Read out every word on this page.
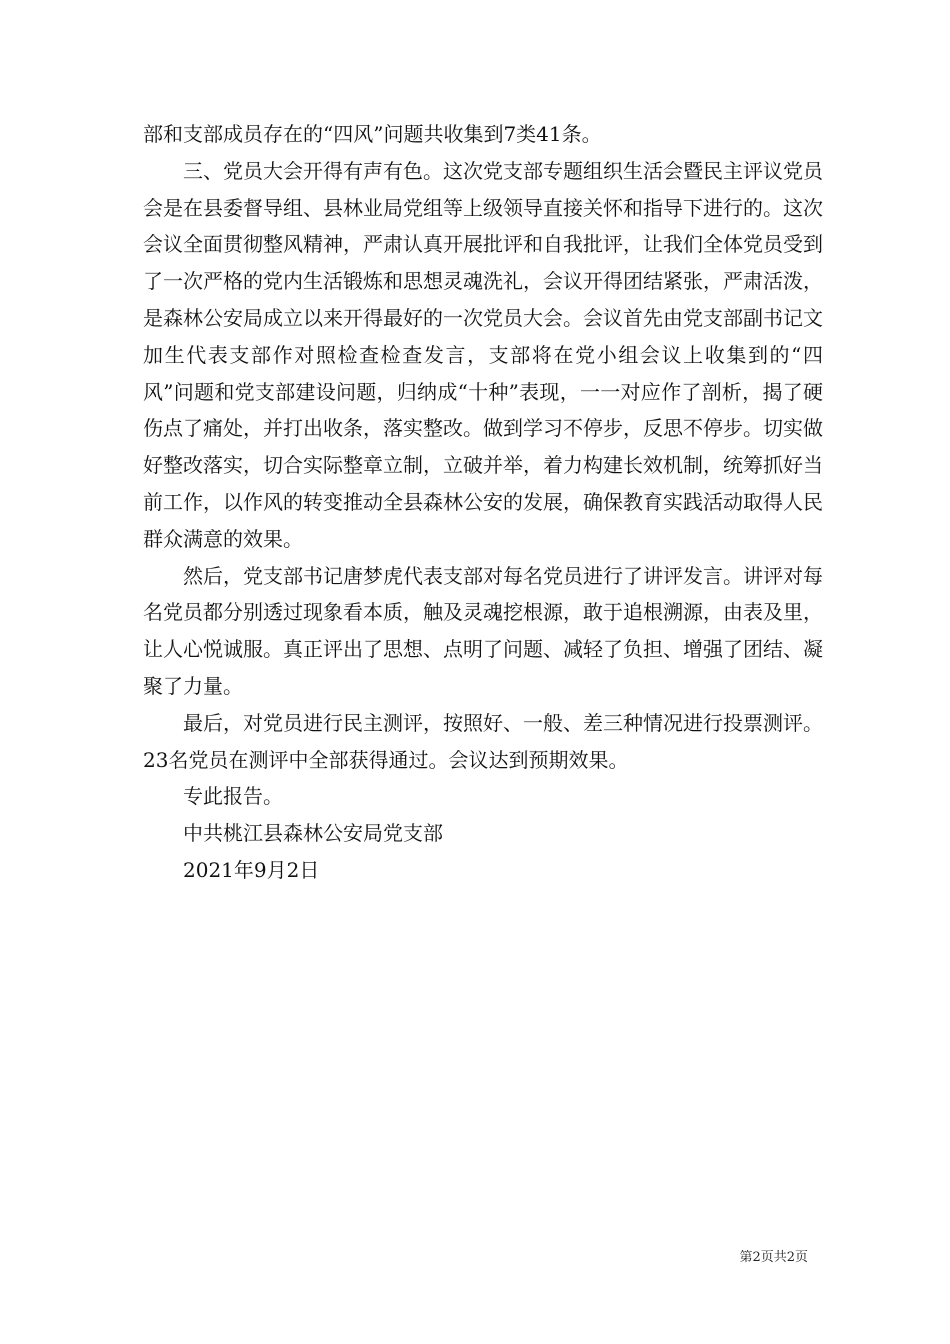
部和支部成员存在的“四风”问题共收集到7类41条。

三、党员大会开得有声有色。这次党支部专题组织生活会暨民主评议党员会是在县委督导组、县林业局党组等上级领导直接关怀和指导下进行的。这次会议全面贯彻整风精神，严肃认真开展批评和自我批评，让我们全体党员受到了一次严格的党内生活锻炼和思想灵魂洗礼，会议开得团结紧张，严肃活泼，是森林公安局成立以来开得最好的一次党员大会。会议首先由党支部副书记文加生代表支部作对照检查检查发言，支部将在党小组会议上收集到的“四风”问题和党支部建设问题，归纳成“十种”表现，一一对应作了剖析，揭了硬伤点了痛处，并打出收条，落实整改。做到学习不停步，反思不停步。切实做好整改落实，切合实际整章立制，立破并举，着力构建长效机制，统筹抓好当前工作，以作风的转变推动全县森林公安的发展，确保教育实践活动取得人民群众满意的效果。

然后，党支部书记唐梦虎代表支部对每名党员进行了讲评发言。讲评对每名党员都分别透过现象看本质，触及灵魂挖根源，敢于追根溯源，由表及里，让人心悦诚服。真正评出了思想、点明了问题、减轻了负担、增强了团结、凝聚了力量。

最后，对党员进行民主测评，按照好、一般、差三种情况进行投票测评。23名党员在测评中全部获得通过。会议达到预期效果。

专此报告。

中共桃江县森林公安局党支部

2021年9月2日

第2页共2页
